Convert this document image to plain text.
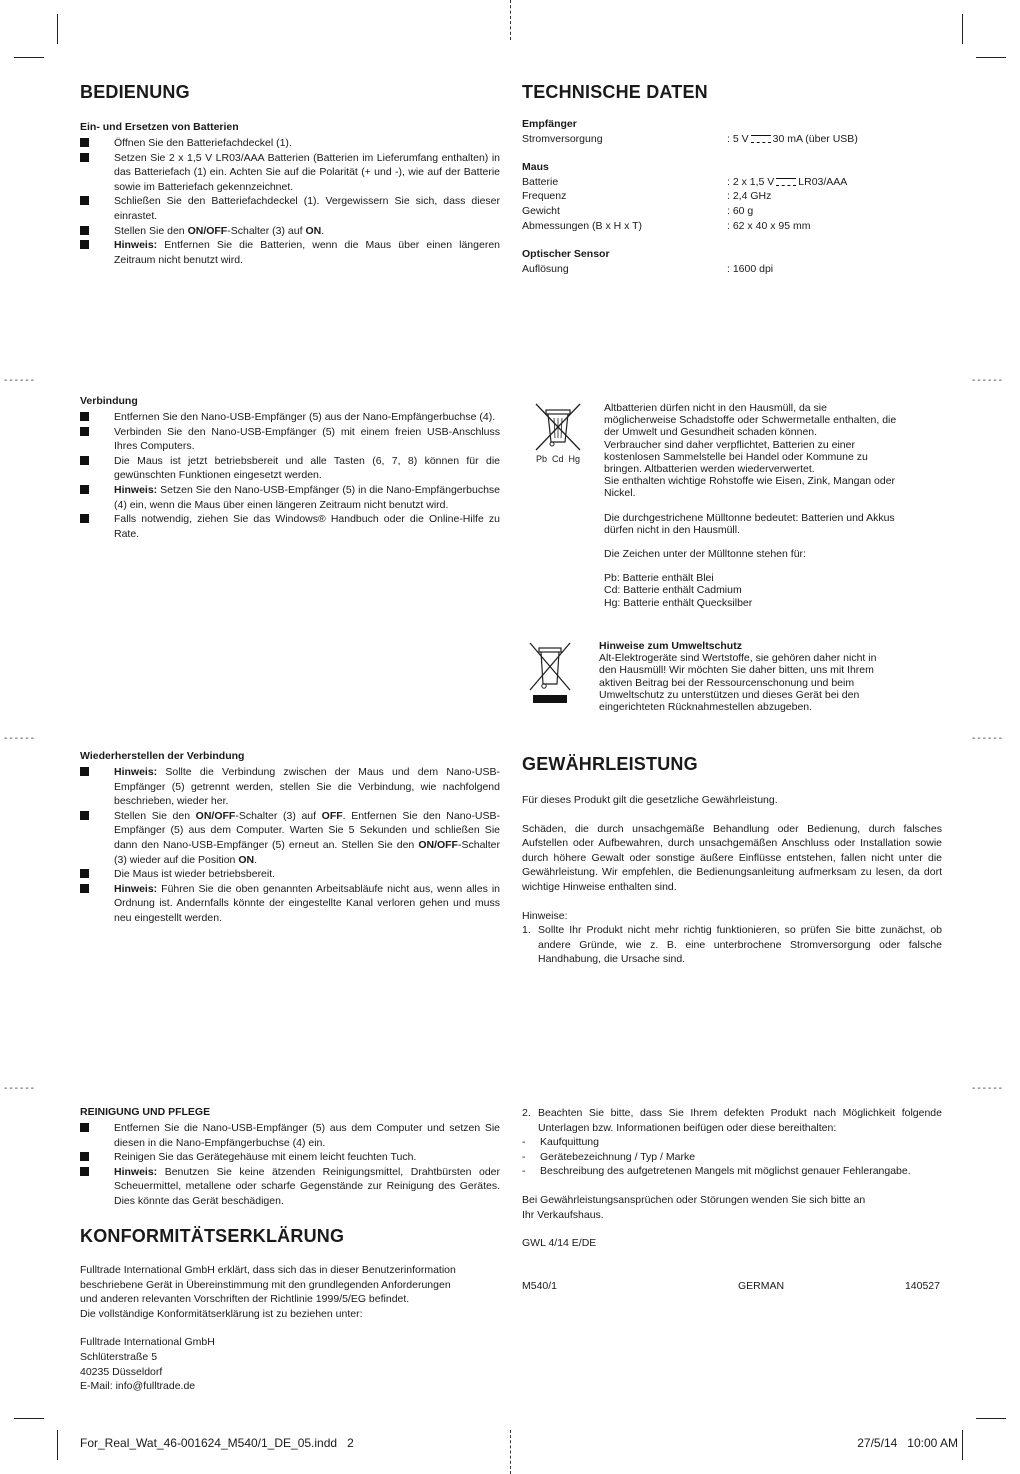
------	------
------	------
------	------
BEDIENUNG

Ein- und Ersetzen von Batterien

Öffnen Sie den Batteriefachdeckel (1).
Setzen Sie 2 x 1,5 V LR03/AAA Batterien (Batterien im Lieferumfang enthalten) in das Batteriefach (1) ein. Achten Sie auf die Polarität (+ und -), wie auf der Batterie sowie im Batteriefach gekennzeichnet.
Schließen Sie den Batteriefachdeckel (1). Vergewissern Sie sich, dass dieser einrastet.
Stellen Sie den ON/OFF-Schalter (3) auf ON.
Hinweis: Entfernen Sie die Batterien, wenn die Maus über einen längeren Zeitraum nicht benutzt wird.

Verbindung

Entfernen Sie den Nano-USB-Empfänger (5) aus der Nano-Empfängerbuchse (4).
Verbinden Sie den Nano-USB-Empfänger (5) mit einem freien USB-Anschluss Ihres Computers.
Die Maus ist jetzt betriebsbereit und alle Tasten (6, 7, 8) können für die gewünschten Funktionen eingesetzt werden.
Hinweis: Setzen Sie den Nano-USB-Empfänger (5) in die Nano-Empfängerbuchse (4) ein, wenn die Maus über einen längeren Zeitraum nicht benutzt wird.
Falls notwendig, ziehen Sie das Windows® Handbuch oder die Online-Hilfe zu Rate.

Wiederherstellen der Verbindung

Hinweis: Sollte die Verbindung zwischen der Maus und dem Nano-USB-Empfänger (5) getrennt werden, stellen Sie die Verbindung, wie nachfolgend beschrieben, wieder her.
Stellen Sie den ON/OFF-Schalter (3) auf OFF. Entfernen Sie den Nano-USB-Empfänger (5) aus dem Computer. Warten Sie 5 Sekunden und schließen Sie dann den Nano-USB-Empfänger (5) erneut an. Stellen Sie den ON/OFF-Schalter (3) wieder auf die Position ON.
Die Maus ist wieder betriebsbereit.
Hinweis: Führen Sie die oben genannten Arbeitsabläufe nicht aus, wenn alles in Ordnung ist. Andernfalls könnte der eingestellte Kanal verloren gehen und muss neu eingestellt werden.

REINIGUNG UND PFLEGE

Entfernen Sie die Nano-USB-Empfänger (5) aus dem Computer und setzen Sie diesen in die Nano-Empfängerbuchse (4) ein.
Reinigen Sie das Gerätegehäuse mit einem leicht feuchten Tuch.
Hinweis: Benutzen Sie keine ätzenden Reinigungsmittel, Drahtbürsten oder Scheuermittel, metallene oder scharfe Gegenstände zur Reinigung des Gerätes. Dies könnte das Gerät beschädigen.
KONFORMITÄTSERKLÄRUNG

Fulltrade International GmbH erklärt, dass sich das in dieser Benutzerinformation

beschriebene Gerät in Übereinstimmung mit den grundlegenden Anforderungen

und anderen relevanten Vorschriften der Richtlinie 1999/5/EG befindet.

Die vollständige Konformitätserklärung ist zu beziehen unter:

Fulltrade International GmbH

Schlüterstraße 5

40235 Düsseldorf

E-Mail: info@fulltrade.de

TECHNISCHE DATEN
Empfänger
Stromversorgung	: 5 V 30 mA (über USB)
Maus
Batterie	: 2 x 1,5 V LR03/AAA
Frequenz	: 2,4 GHz
Gewicht	: 60 g
Abmessungen (B x H x T)	: 62 x 40 x 95 mm
Optischer Sensor
Auflösung	: 1600 dpi
Pb  Cd  Hg

Altbatterien dürfen nicht in den Hausmüll, da sie

möglicherweise Schadstoffe oder Schwermetalle enthalten, die

der Umwelt und Gesundheit schaden können.

Verbraucher sind daher verpflichtet, Batterien zu einer

kostenlosen Sammelstelle bei Handel oder Kommune zu

bringen. Altbatterien werden wiederverwertet.

Sie enthalten wichtige Rohstoffe wie Eisen, Zink, Mangan oder

Nickel.

Die durchgestrichene Mülltonne bedeutet: Batterien und Akkus

dürfen nicht in den Hausmüll.

Die Zeichen unter der Mülltonne stehen für:

Pb: Batterie enthält Blei

Cd: Batterie enthält Cadmium

Hg: Batterie enthält Quecksilber

Hinweise zum Umweltschutz

Alt-Elektrogeräte sind Wertstoffe, sie gehören daher nicht in

den Hausmüll! Wir möchten Sie daher bitten, uns mit Ihrem

aktiven Beitrag bei der Ressourcenschonung und beim

Umweltschutz zu unterstützen und dieses Gerät bei den

eingerichteten Rücknahmestellen abzugeben.

GEWÄHRLEISTUNG

Für dieses Produkt gilt die gesetzliche Gewährleistung.

Schäden, die durch unsachgemäße Behandlung oder Bedienung, durch falsches Aufstellen oder Aufbewahren, durch unsachgemäßen Anschluss oder Installation sowie durch höhere Gewalt oder sonstige äußere Einflüsse entstehen, fallen nicht unter die Gewährleistung. Wir empfehlen, die Bedienungsanleitung aufmerksam zu lesen, da dort wichtige Hinweise enthalten sind.

Hinweise:

1. Sollte Ihr Produkt nicht mehr richtig funktionieren, so prüfen Sie bitte zunächst, ob andere Gründe, wie z. B. eine unterbrochene Stromversorgung oder falsche Handhabung, die Ursache sind.
2. Beachten Sie bitte, dass Sie Ihrem defekten Produkt nach Möglichkeit folgende Unterlagen bzw. Informationen beifügen oder diese bereithalten:
-	Kaufquittung
-	Gerätebezeichnung / Typ / Marke
-	Beschreibung des aufgetretenen Mangels mit möglichst genauer Fehlerangabe.

Bei Gewährleistungsansprüchen oder Störungen wenden Sie sich bitte an

Ihr Verkaufshaus.

GWL 4/14 E/DE

M540/1	GERMAN	140527
For_Real_Wat_46-001624_M540/1_DE_05.indd   2	27/5/14   10:00 AM
